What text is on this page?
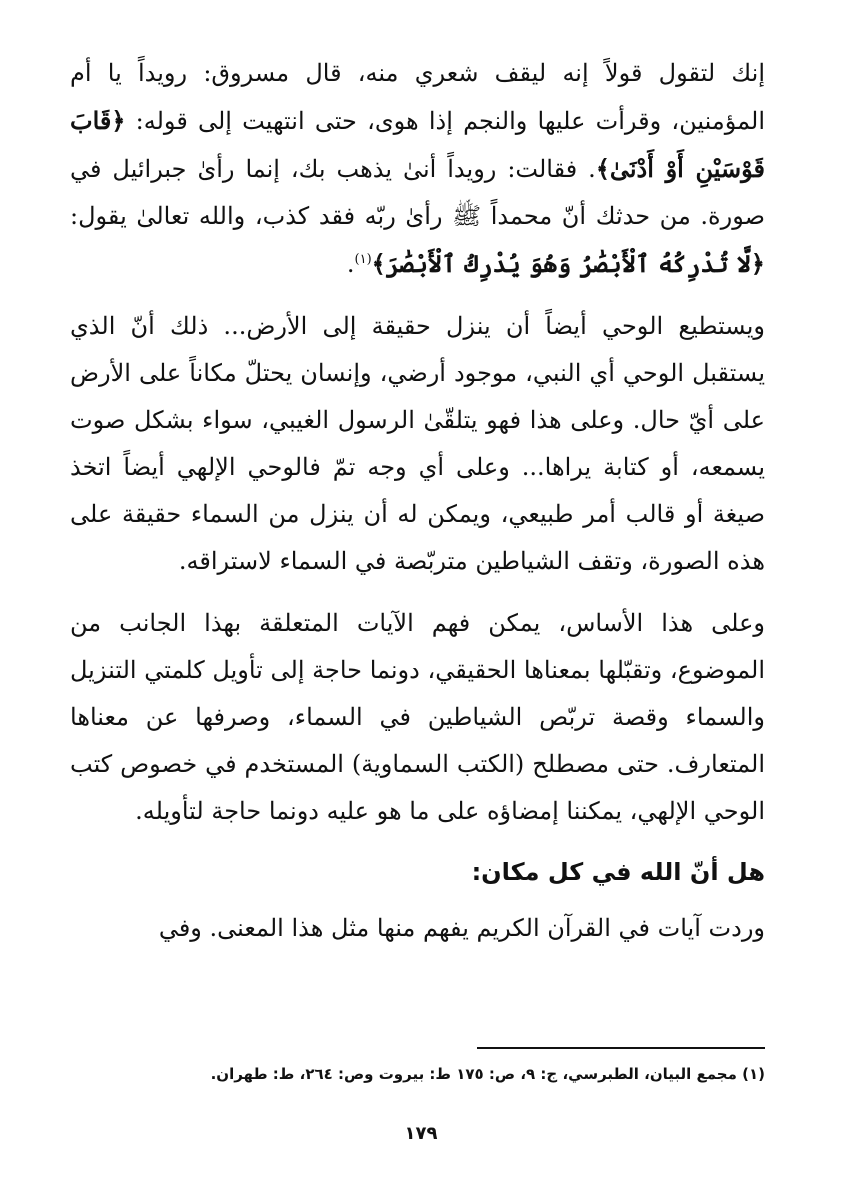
إنك لتقول قولاً إنه ليقف شعري منه، قال مسروق: رويداً يا أم المؤمنين، وقرأت عليها والنجم إذا هوى، حتى انتهيت إلى قوله: ﴿قَابَ قَوْسَيْنِ أَوْ أَدْنَىٰ﴾. فقالت: رويداً أنىٰ يذهب بك، إنما رأىٰ جبرائيل في صورة. من حدثك أنّ محمداً ﷺ رأىٰ ربّه فقد كذب، والله تعالىٰ يقول: ﴿لَّا تُدْرِكُهُ ٱلْأَبْصَٰرُ وَهُوَ يُدْرِكُ ٱلْأَبْصَٰرَ﴾$^{(١)}$.

ويستطيع الوحي أيضاً أن ينزل حقيقة إلى الأرض... ذلك أنّ الذي يستقبل الوحي أي النبي، موجود أرضي، وإنسان يحتلّ مكاناً على الأرض على أيّ حال. وعلى هذا فهو يتلقّىٰ الرسول الغيبي، سواء بشكل صوت يسمعه، أو كتابة يراها... وعلى أي وجه تمّ فالوحي الإلهي أيضاً اتخذ صيغة أو قالب أمر طبيعي، ويمكن له أن ينزل من السماء حقيقة على هذه الصورة، وتقف الشياطين متربّصة في السماء لاستراقه.

وعلى هذا الأساس، يمكن فهم الآيات المتعلقة بهذا الجانب من الموضوع، وتقبّلها بمعناها الحقيقي، دونما حاجة إلى تأويل كلمتي التنزيل والسماء وقصة تربّص الشياطين في السماء، وصرفها عن معناها المتعارف. حتى مصطلح (الكتب السماوية) المستخدم في خصوص كتب الوحي الإلهي، يمكننا إمضاؤه على ما هو عليه دونما حاجة لتأويله.

هل أنّ الله في كل مكان:

وردت آيات في القرآن الكريم يفهم منها مثل هذا المعنى. وفي

(١) مجمع البيان، الطبرسي، ج: ٩، ص: ١٧٥ ط: بيروت وص: ٢٦٤، ط: طهران.
١٧٩
